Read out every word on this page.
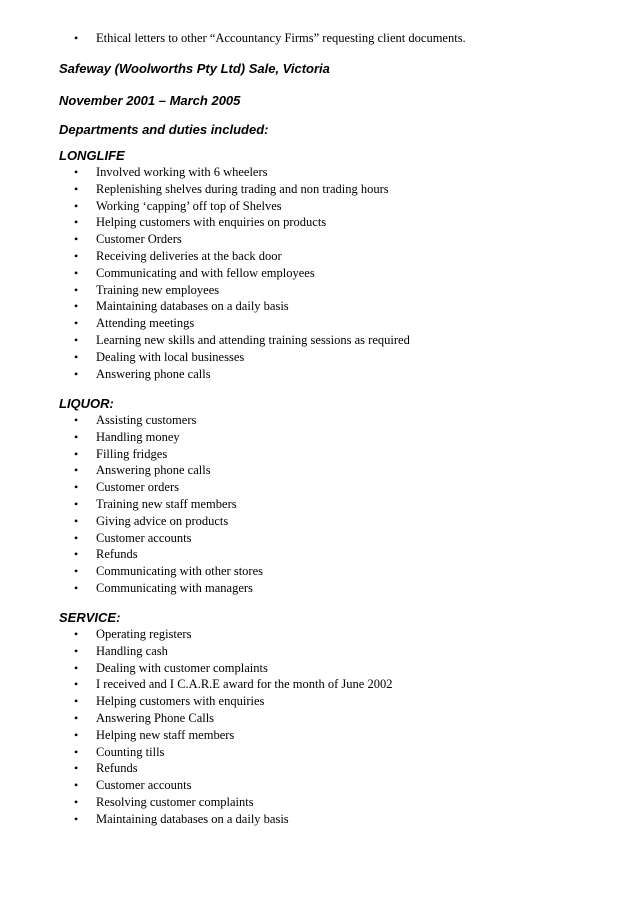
• Ethical letters to other “Accountancy Firms” requesting client documents.

Safeway (Woolworths Pty Ltd) Sale, Victoria

November 2001 – March 2005

Departments and duties included:

LONGLIFE

• Involved working with 6 wheelers
• Replenishing shelves during trading and non trading hours
• Working ‘capping’ off top of Shelves
• Helping customers with enquiries on products
• Customer Orders
• Receiving deliveries at the back door
• Communicating and with fellow employees
• Training new employees
• Maintaining databases on a daily basis
• Attending meetings
• Learning new skills and attending training sessions as required
• Dealing with local businesses
• Answering phone calls

LIQUOR:

• Assisting customers
• Handling money
• Filling fridges
• Answering phone calls
• Customer orders
• Training new staff members
• Giving advice on products
• Customer accounts
• Refunds
• Communicating with other stores
• Communicating with managers

SERVICE:

• Operating registers
• Handling cash
• Dealing with customer complaints
• I received and I C.A.R.E award for the month of June 2002
• Helping customers with enquiries
• Answering Phone Calls
• Helping new staff members
• Counting tills
• Refunds
• Customer accounts
• Resolving customer complaints
• Maintaining databases on a daily basis
